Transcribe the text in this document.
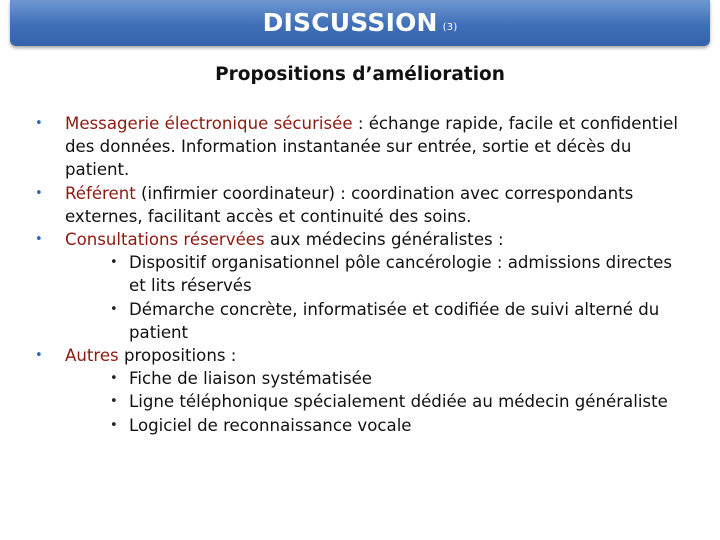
DISCUSSION (3)
Propositions d’amélioration
• Messagerie électronique sécurisée : échange rapide, facile et confidentiel des données. Information instantanée sur entrée, sortie et décès du patient.
• Référent (infirmier coordinateur) : coordination avec correspondants externes, facilitant accès et continuité des soins.
• Consultations réservées aux médecins généralistes :
• Dispositif organisationnel pôle cancérologie : admissions directes et lits réservés
• Démarche concrète, informatisée et codifiée de suivi alterné du patient
• Autres propositions :
• Fiche de liaison systématisée
• Ligne téléphonique spécialement dédiée au médecin généraliste
• Logiciel de reconnaissance vocale
